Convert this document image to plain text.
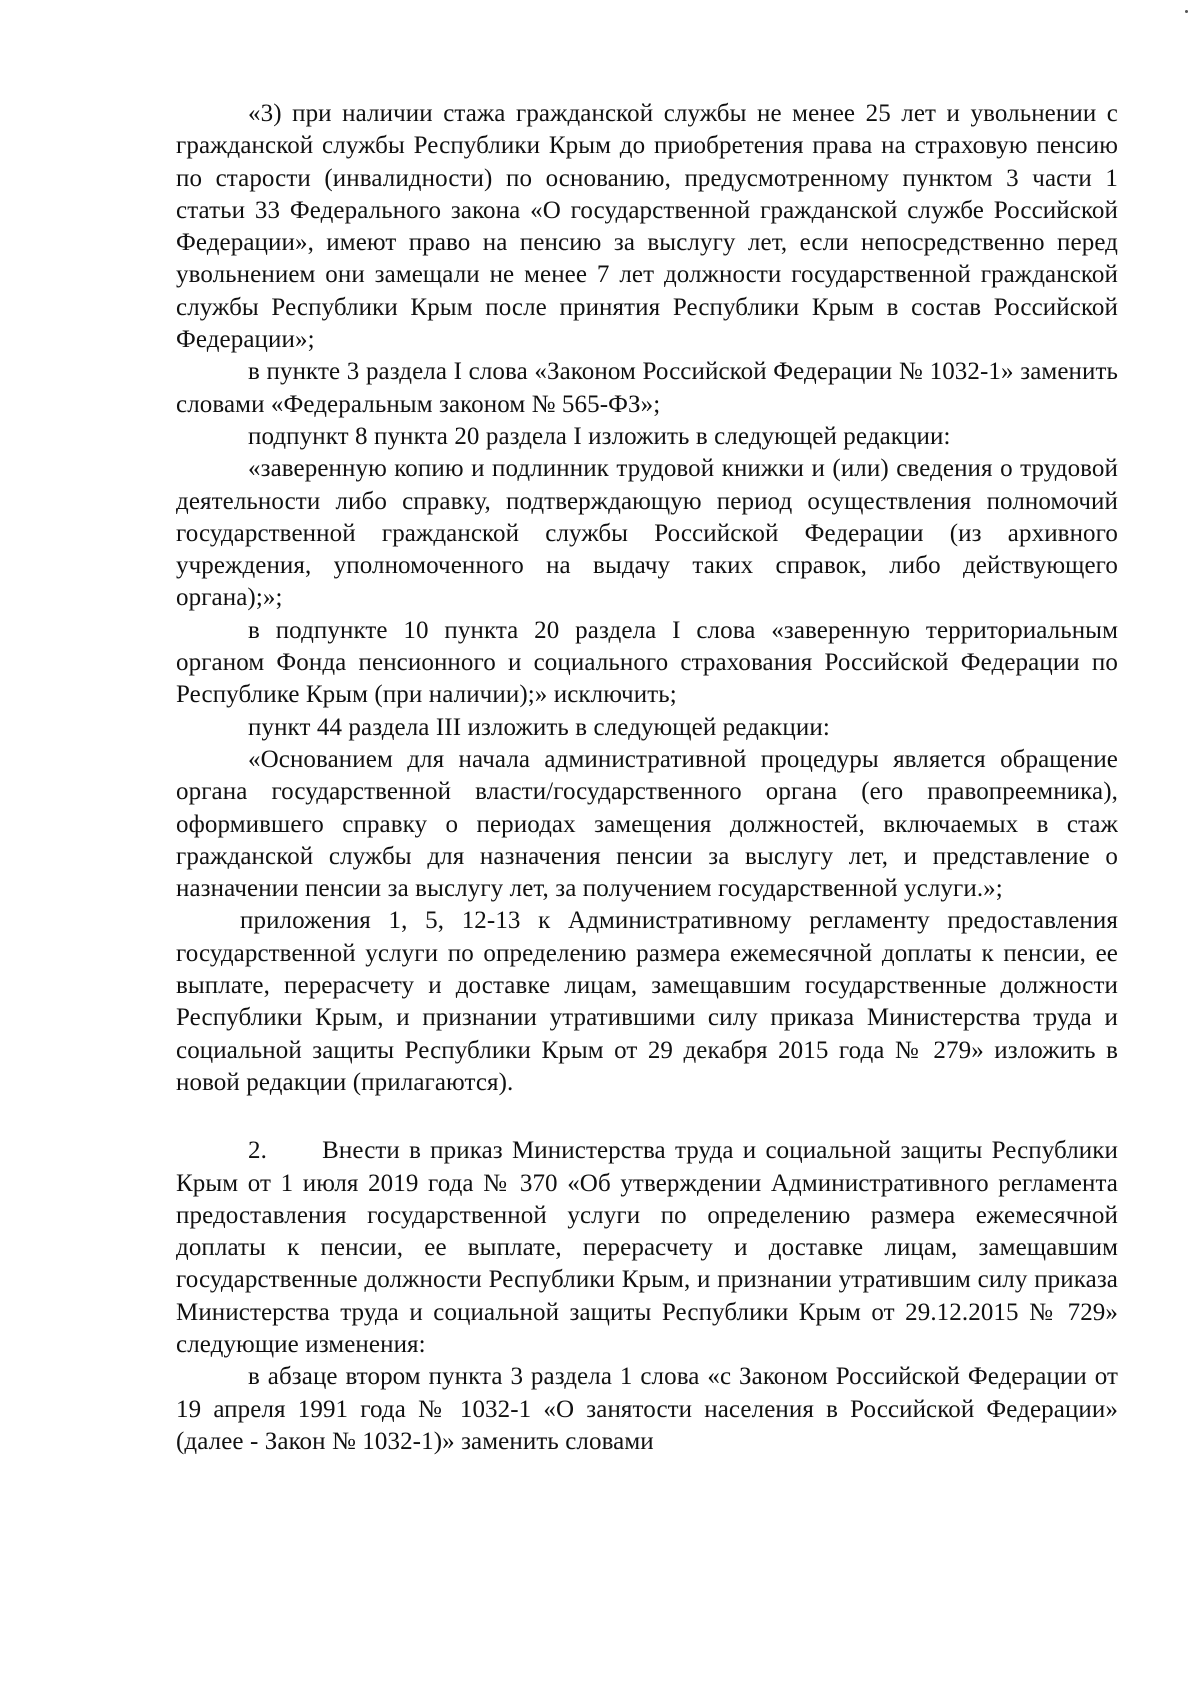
«3) при наличии стажа гражданской службы не менее 25 лет и увольнении с гражданской службы Республики Крым до приобретения права на страховую пенсию по старости (инвалидности) по основанию, предусмотренному пунктом 3 части 1 статьи 33 Федерального закона «О государственной гражданской службе Российской Федерации», имеют право на пенсию за выслугу лет, если непосредственно перед увольнением они замещали не менее 7 лет должности государственной гражданской службы Республики Крым после принятия Республики Крым в состав Российской Федерации»;

в пункте 3 раздела I слова «Законом Российской Федерации № 1032-1» заменить словами «Федеральным законом № 565-ФЗ»;

подпункт 8 пункта 20 раздела I изложить в следующей редакции:

«заверенную копию и подлинник трудовой книжки и (или) сведения о трудовой деятельности либо справку, подтверждающую период осуществления полномочий государственной гражданской службы Российской Федерации (из архивного учреждения, уполномоченного на выдачу таких справок, либо действующего органа);»;

в подпункте 10 пункта 20 раздела I слова «заверенную территориальным органом Фонда пенсионного и социального страхования Российской Федерации по Республике Крым (при наличии);» исключить;

пункт 44 раздела III изложить в следующей редакции:

«Основанием для начала административной процедуры является обращение органа государственной власти/государственного органа (его правопреемника), оформившего справку о периодах замещения должностей, включаемых в стаж гражданской службы для назначения пенсии за выслугу лет, и представление о назначении пенсии за выслугу лет, за получением государственной услуги.»;

приложения 1, 5, 12-13 к Административному регламенту предоставления государственной услуги по определению размера ежемесячной доплаты к пенсии, ее выплате, перерасчету и доставке лицам, замещавшим государственные должности Республики Крым, и признании утратившими силу приказа Министерства труда и социальной защиты Республики Крым от 29 декабря 2015 года № 279» изложить в новой редакции (прилагаются).

2.      Внести в приказ Министерства труда и социальной защиты Республики Крым от 1 июля 2019 года № 370 «Об утверждении Административного регламента предоставления государственной услуги по определению размера ежемесячной доплаты к пенсии, ее выплате, перерасчету и доставке лицам, замещавшим государственные должности Республики Крым, и признании утратившим силу приказа Министерства труда и социальной защиты Республики Крым от 29.12.2015 № 729» следующие изменения:

в абзаце втором пункта 3 раздела 1 слова «с Законом Российской Федерации от 19 апреля 1991 года № 1032-1 «О занятости населения в Российской Федерации» (далее - Закон № 1032-1)» заменить словами
